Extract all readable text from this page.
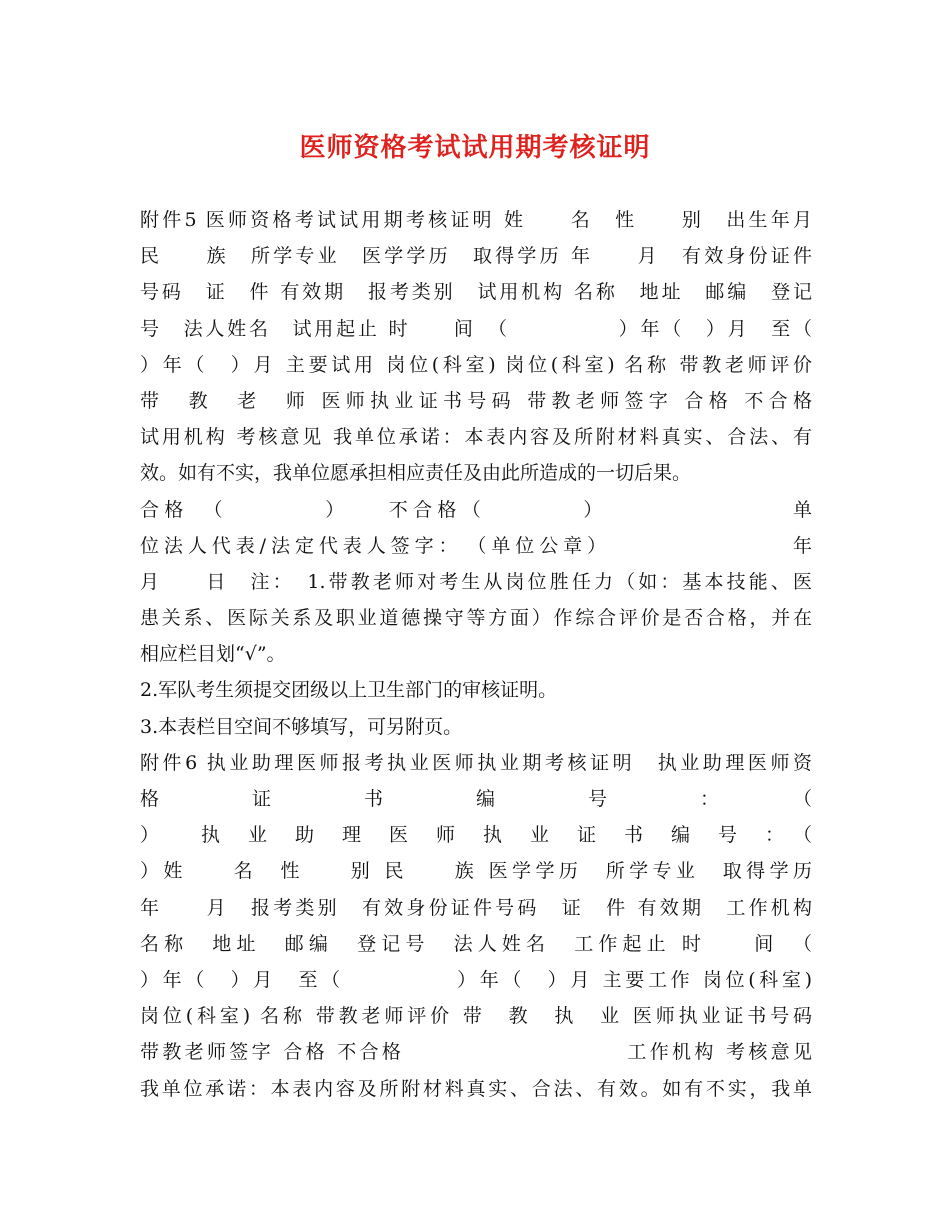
医师资格考试试用期考核证明
附件5 医师资格考试试用期考核证明 姓　　名　性　　别　出生年月
民　　族　所学专业　医学学历　取得学历 年　　月　有效身份证件
号码　证　件 有效期　报考类别　试用机构 名称　地址　邮编　登记
号　法人姓名　试用起止 时　　间　（　　　　　）年（　）月　至（
）年（　）月 主要试用 岗位(科室) 岗位(科室) 名称 带教老师评价
带　教　老　师 医师执业证书号码 带教老师签字 合格 不合格
试用机构 考核意见 我单位承诺：本表内容及所附材料真实、合法、有
效。如有不实，我单位愿承担相应责任及由此所造成的一切后果。
合格　（　　　　）　　不合格（　　　　）　　　　　　　　单
位法人代表/法定代表人签字：　（单位公章）　　　　　　　　年
月　　日　注：　1.带教老师对考生从岗位胜任力（如：基本技能、医
患关系、医际关系及职业道德操守等方面）作综合评价是否合格，并在
相应栏目划“√”。
2.军队考生须提交团级以上卫生部门的审核证明。
3.本表栏目空间不够填写，可另附页。
附件6 执业助理医师报考执业医师执业期考核证明　执业助理医师资
格　　　　证　　　　书　　　　编　　　　号　　　　：　　　　（
）　　执　业　助　理　医　师　执　业　证　书　编　号　：　（
）姓　　名　性　　别 民　　族 医学学历　所学专业　取得学历
年　　月　报考类别　有效身份证件号码　证　件 有效期　工作机构
名称　地址　邮编　登记号　法人姓名　工作起止 时　　间　（
）年（　）月　至（　　　　　）年（　）月 主要工作 岗位(科室)
岗位(科室) 名称 带教老师评价 带　教　执　业 医师执业证书号码
带教老师签字 合格 不合格　　　　　　　　　　工作机构 考核意见
我单位承诺：本表内容及所附材料真实、合法、有效。如有不实，我单
